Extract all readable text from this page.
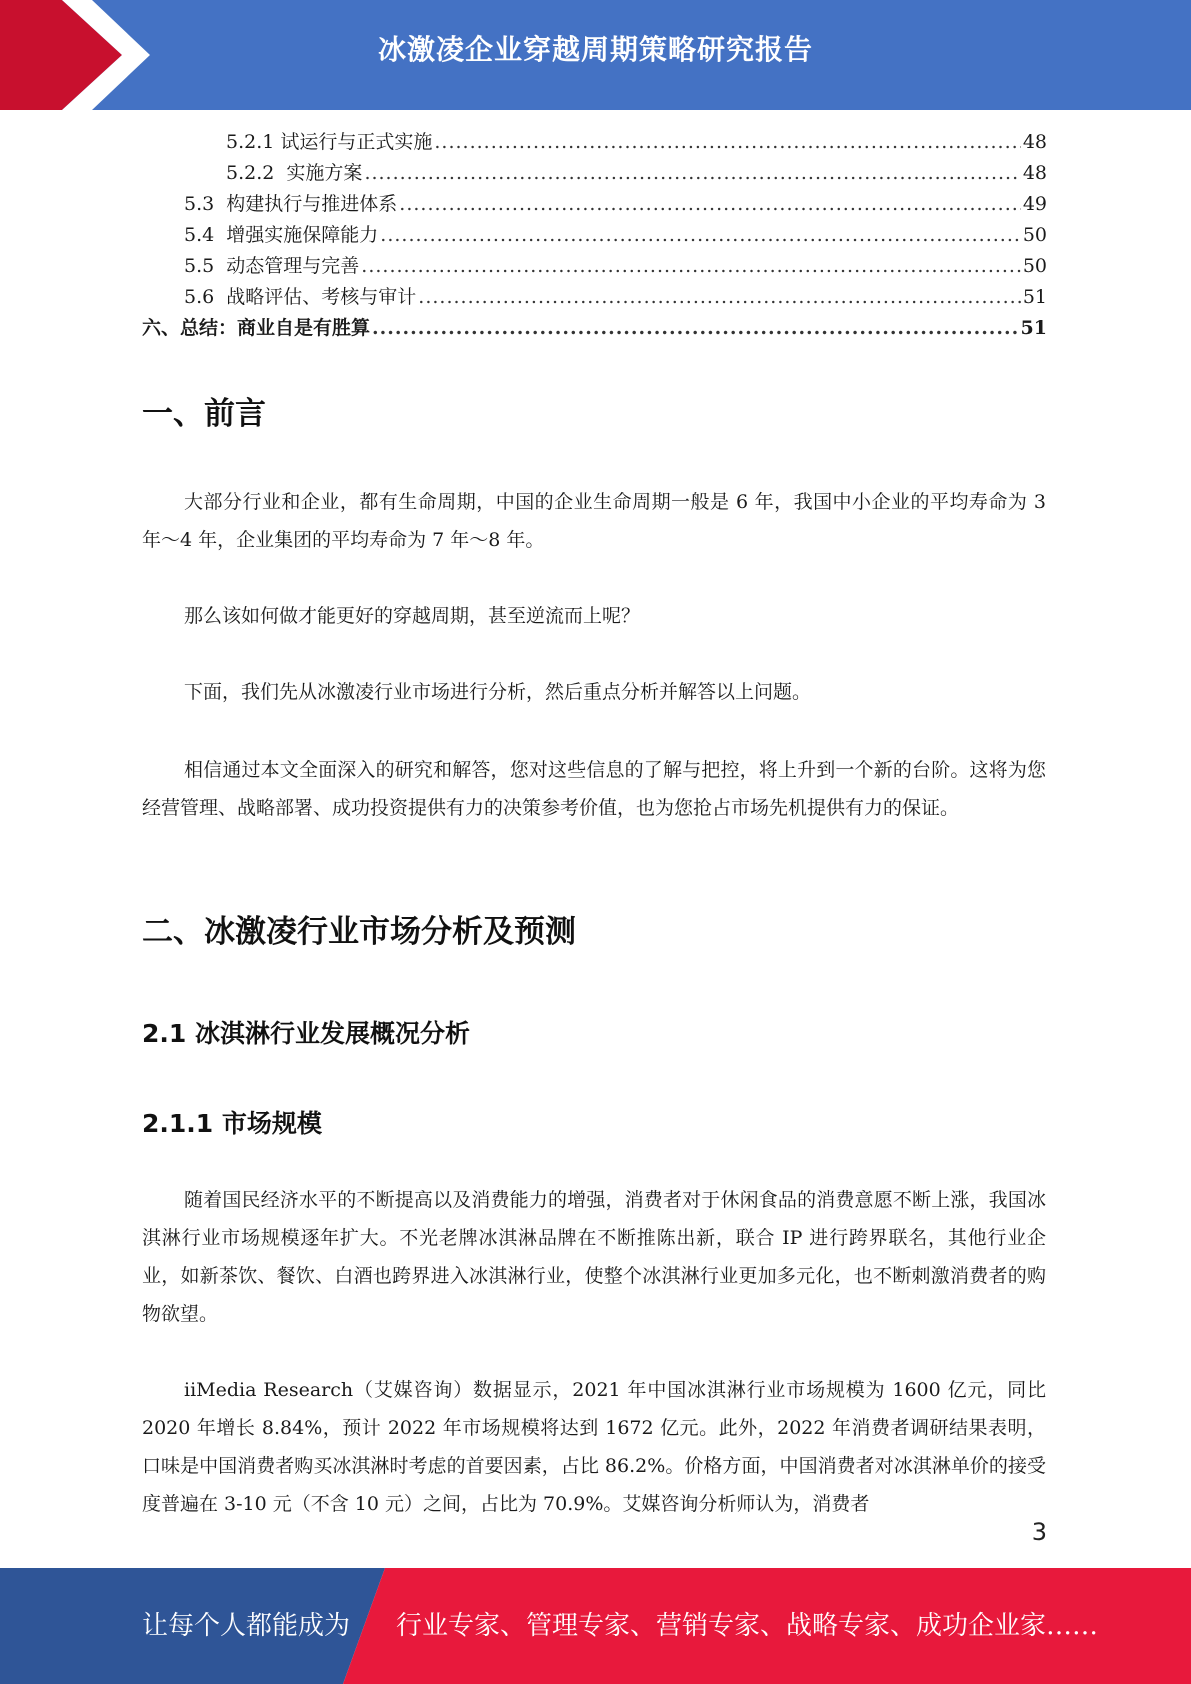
冰激凌企业穿越周期策略研究报告
5.2.1 试运行与正式实施 .....	48
5.2.2  实施方案 .....	48
5.3  构建执行与推进体系 .....	49
5.4  增强实施保障能力 .....	50
5.5  动态管理与完善 .....	50
5.6  战略评估、考核与审计 .....	51
六、总结：商业自是有胜算 .....	51
一、前言
大部分行业和企业，都有生命周期，中国的企业生命周期一般是 6 年，我国中小企业的平均寿命为 3 年～4 年，企业集团的平均寿命为 7 年～8 年。
那么该如何做才能更好的穿越周期，甚至逆流而上呢？
下面，我们先从冰激凌行业市场进行分析，然后重点分析并解答以上问题。
相信通过本文全面深入的研究和解答，您对这些信息的了解与把控，将上升到一个新的台阶。这将为您经营管理、战略部署、成功投资提供有力的决策参考价值，也为您抢占市场先机提供有力的保证。
二、冰激凌行业市场分析及预测
2.1 冰淇淋行业发展概况分析
2.1.1 市场规模
随着国民经济水平的不断提高以及消费能力的增强，消费者对于休闲食品的消费意愿不断上涨，我国冰淇淋行业市场规模逐年扩大。不光老牌冰淇淋品牌在不断推陈出新，联合 IP 进行跨界联名，其他行业企业，如新茶饮、餐饮、白酒也跨界进入冰淇淋行业，使整个冰淇淋行业更加多元化，也不断刺激消费者的购物欲望。
iiMedia Research（艾媒咨询）数据显示，2021 年中国冰淇淋行业市场规模为 1600 亿元，同比 2020 年增长 8.84%，预计 2022 年市场规模将达到 1672 亿元。此外，2022 年消费者调研结果表明，口味是中国消费者购买冰淇淋时考虑的首要因素，占比 86.2%。价格方面，中国消费者对冰淇淋单价的接受度普遍在 3-10 元（不含 10 元）之间，占比为 70.9%。艾媒咨询分析师认为，消费者
3
让每个人都能成为 行业专家、管理专家、营销专家、战略专家、成功企业家……
